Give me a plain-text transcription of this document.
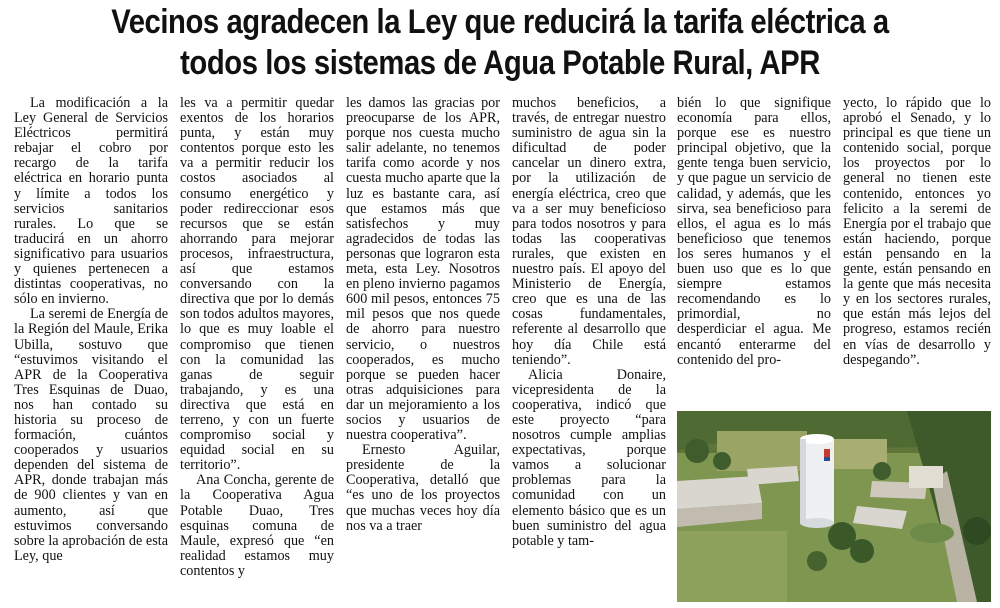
Vecinos agradecen la Ley que reducirá la tarifa eléctrica a
todos los sistemas de Agua Potable Rural, APR

La modificación a la Ley General de Servicios Eléctricos permitirá rebajar el cobro por recargo de la tarifa eléctrica en horario punta y límite a todos los servicios sanitarios rurales. Lo que se traducirá en un ahorro significativo para usuarios y quienes pertenecen a distintas cooperativas, no sólo en invierno.

La seremi de Energía de la Región del Maule, Erika Ubilla, sostuvo que “estuvimos visitando el APR de la Cooperativa Tres Esquinas de Duao, nos han contado su historia su proceso de formación, cuántos cooperados y usuarios dependen del sistema de APR, donde trabajan más de 900 clientes y van en aumento, así que estuvimos conversando sobre la aprobación de esta Ley, que

les va a permitir quedar exentos de los horarios punta, y están muy contentos porque esto les va a permitir reducir los costos asociados al consumo energético y poder redireccionar esos recursos que se están ahorrando para mejorar procesos, infraestructura, así que estamos conversando con la directiva que por lo demás son todos adultos mayores, lo que es muy loable el compromiso que tienen con la comunidad las ganas de seguir trabajando, y es una directiva que está en terreno, y con un fuerte compromiso social y equidad social en su territorio”.

Ana Concha, gerente de la Cooperativa Agua Potable Duao, Tres esquinas comuna de Maule, expresó que “en realidad estamos muy contentos y

les damos las gracias por preocuparse de los APR, porque nos cuesta mucho salir adelante, no tenemos tarifa como acorde y nos cuesta mucho aparte que la luz es bastante cara, así que estamos más que satisfechos y muy agradecidos de todas las personas que lograron esta meta, esta Ley. Nosotros en pleno invierno pagamos 600 mil pesos, entonces 75 mil pesos que nos quede de ahorro para nuestro servicio, o nuestros cooperados, es mucho porque se pueden hacer otras adquisiciones para dar un mejoramiento a los socios y usuarios de nuestra cooperativa”.

Ernesto Aguilar, presidente de la Cooperativa, detalló que “es uno de los proyectos que muchas veces hoy día nos va a traer

muchos beneficios, a través, de entregar nuestro suministro de agua sin la dificultad de poder cancelar un dinero extra, por la utilización de energía eléctrica, creo que va a ser muy beneficioso para todos nosotros y para todas las cooperativas rurales, que existen en nuestro país. El apoyo del Ministerio de Energía, creo que es una de las cosas fundamentales, referente al desarrollo que hoy día Chile está teniendo”.

Alicia Donaire, vicepresidenta de la cooperativa, indicó que este proyecto “para nosotros cumple amplias expectativas, porque vamos a solucionar problemas para la comunidad con un elemento básico que es un buen suministro del agua potable y tam-

bién lo que signifique economía para ellos, porque ese es nuestro principal objetivo, que la gente tenga buen servicio, y que pague un servicio de calidad, y además, que les sirva, sea beneficioso para ellos, el agua es lo más beneficioso que tenemos los seres humanos y el buen uso que es lo que siempre estamos recomendando es lo primordial, no desperdiciar el agua. Me encantó enterarme del contenido del pro-

yecto, lo rápido que lo aprobó el Senado, y lo principal es que tiene un contenido social, porque los proyectos por lo general no tienen este contenido, entonces yo felicito a la seremi de Energía por el trabajo que están haciendo, porque están pensando en la gente, están pensando en la gente que más necesita y en los sectores rurales, que están más lejos del progreso, estamos recién en vías de desarrollo y despegando”.
